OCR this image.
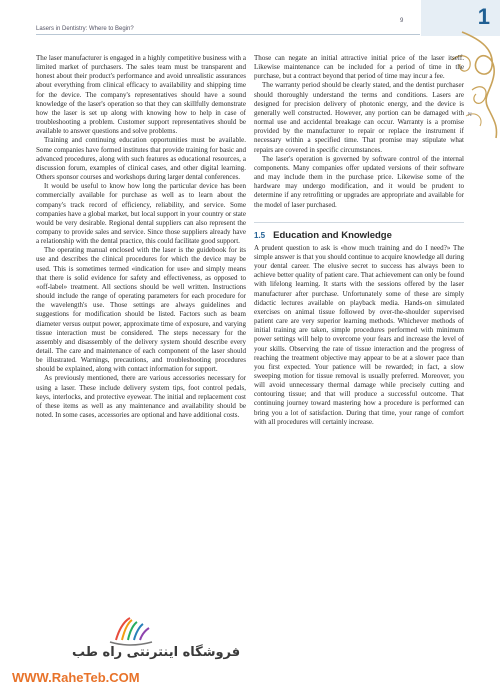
1
Lasers in Dentistry: Where to Begin?
9
N

The laser manufacturer is engaged in a highly competitive business with a limited market of purchasers. The sales team must be transparent and honest about their product's performance and avoid unrealistic assurances about everything from clinical efficacy to availability and shipping time for the device. The company's representatives should have a sound knowledge of the laser's operation so that they can skillfully demonstrate how the laser is set up along with knowing how to help in case of troubleshooting a problem. Customer support representatives should be available to answer questions and solve problems.

Training and continuing education opportunities must be available. Some companies have formed institutes that provide training for basic and advanced procedures, along with such features as educational resources, a discussion forum, examples of clinical cases, and other digital learning. Others sponsor courses and workshops during larger dental conferences.

It would be useful to know how long the particular device has been commercially available for purchase as well as to learn about the company's track record of efficiency, reliability, and service. Some companies have a global market, but local support in your country or state would be very desirable. Regional dental suppliers can also represent the company to provide sales and service. Since those suppliers already have a relationship with the dental practice, this could facilitate good support.

The operating manual enclosed with the laser is the guidebook for its use and describes the clinical procedures for which the device may be used. This is sometimes termed «indication for use» and simply means that there is solid evidence for safety and effectiveness, as opposed to «off-label» treatment. All sections should be well written. Instructions should include the range of operating parameters for each procedure for the wavelength's use. Those settings are always guidelines and suggestions for modification should be listed. Factors such as beam diameter versus output power, approximate time of exposure, and varying tissue interaction must be considered. The steps necessary for the assembly and disassembly of the delivery system should describe every detail. The care and maintenance of each component of the laser should be illustrated. Warnings, precautions, and troubleshooting procedures should be explained, along with contact information for support.

As previously mentioned, there are various accessories necessary for using a laser. These include delivery system tips, foot control pedals, keys, interlocks, and protective eyewear. The initial and replacement cost of these items as well as any maintenance and availability should be noted. In some cases, accessories are optional and have additional costs.

Those can negate an initial attractive initial price of the laser itself. Likewise maintenance can be included for a period of time in the purchase, but a contract beyond that period of time may incur a fee.

The warranty period should be clearly stated, and the dentist purchaser should thoroughly understand the terms and conditions. Lasers are designed for precision delivery of photonic energy, and the device is generally well constructed. However, any portion can be damaged with normal use and accidental breakage can occur. Warranty is a promise provided by the manufacturer to repair or replace the instrument if necessary within a specified time. That promise may stipulate what repairs are covered in specific circumstances.

The laser's operation is governed by software control of the internal components. Many companies offer updated versions of their software and may include them in the purchase price. Likewise some of the hardware may undergo modification, and it would be prudent to determine if any retrofitting or upgrades are appropriate and available for the model of laser purchased.

1.5 Education and Knowledge

A prudent question to ask is «how much training and do I need?» The simple answer is that you should continue to acquire knowledge all during your dental career. The elusive secret to success has always been to achieve better quality of patient care. That achievement can only be found with lifelong learning. It starts with the sessions offered by the laser manufacturer after purchase. Unfortunately some of these are simply didactic lectures available on playback media. Hands-on simulated exercises on animal tissue followed by over-the-shoulder supervised patient care are very superior learning methods. Whichever methods of initial training are taken, simple procedures performed with minimum power settings will help to overcome your fears and increase the level of your skills. Observing the rate of tissue interaction and the progress of reaching the treatment objective may appear to be at a slower pace than you first expected. Your patience will be rewarded; in fact, a slow sweeping motion for tissue removal is usually preferred. Moreover, you will avoid unnecessary thermal damage while precisely cutting and contouring tissue; and that will produce a successful outcome. That continuing journey toward mastering how a procedure is performed can bring you a lot of satisfaction. During that time, your range of comfort with all procedures will certainly increase.

فروشگاه اینترنتی راه طب
WWW.RaheTeb.COM
